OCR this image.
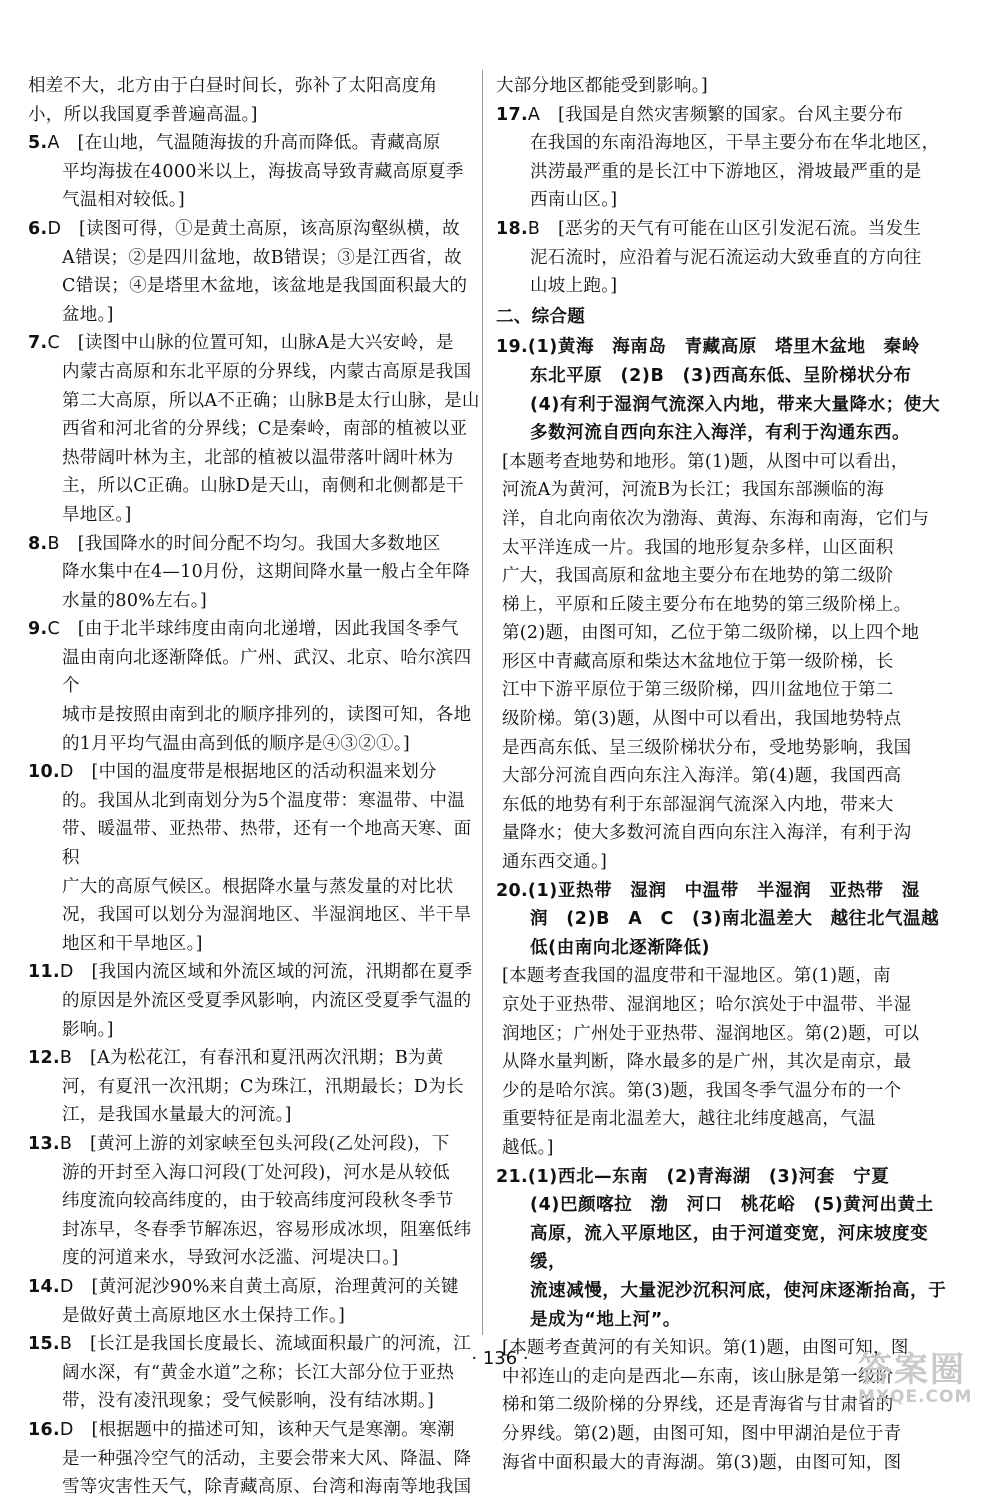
相差不大，北方由于白昼时间长，弥补了太阳高度角
小，所以我国夏季普遍高温。]
5.A　 [在山地，气温随海拔的升高而降低。青藏高原
平均海拔在4000米以上，海拔高导致青藏高原夏季
气温相对较低。]
6.D　 [读图可得，①是黄土高原，该高原沟壑纵横，故
A错误；②是四川盆地，故B错误；③是江西省，故
C错误；④是塔里木盆地，该盆地是我国面积最大的
盆地。]
7.C　 [读图中山脉的位置可知，山脉A是大兴安岭，是
内蒙古高原和东北平原的分界线，内蒙古高原是我国
第二大高原，所以A不正确；山脉B是太行山脉，是山
西省和河北省的分界线；C是秦岭，南部的植被以亚
热带阔叶林为主，北部的植被以温带落叶阔叶林为
主，所以C正确。山脉D是天山，南侧和北侧都是干
旱地区。]
8.B　 [我国降水的时间分配不均匀。我国大多数地区
降水集中在4—10月份，这期间降水量一般占全年降
水量的80%左右。]
9.C　 [由于北半球纬度由南向北递增，因此我国冬季气
温由南向北逐渐降低。广州、武汉、北京、哈尔滨四个
城市是按照由南到北的顺序排列的，读图可知，各地
的1月平均气温由高到低的顺序是④③②①。]
10.D　 [中国的温度带是根据地区的活动积温来划分
的。我国从北到南划分为5个温度带：寒温带、中温
带、暖温带、亚热带、热带，还有一个地高天寒、面积
广大的高原气候区。根据降水量与蒸发量的对比状
况，我国可以划分为湿润地区、半湿润地区、半干旱
地区和干旱地区。]
11.D　 [我国内流区域和外流区域的河流，汛期都在夏季
的原因是外流区受夏季风影响，内流区受夏季气温的
影响。]
12.B　 [A为松花江，有春汛和夏汛两次汛期；B为黄
河，有夏汛一次汛期；C为珠江，汛期最长；D为长
江，是我国水量最大的河流。]
13.B　 [黄河上游的刘家峡至包头河段(乙处河段)，下
游的开封至入海口河段(丁处河段)，河水是从较低
纬度流向较高纬度的，由于较高纬度河段秋冬季节
封冻早，冬春季节解冻迟，容易形成冰坝，阻塞低纬
度的河道来水，导致河水泛滥、河堤决口。]
14.D　 [黄河泥沙90%来自黄土高原，治理黄河的关键
是做好黄土高原地区水土保持工作。]
15.B　 [长江是我国长度最长、流域面积最广的河流，江
阔水深，有“黄金水道”之称；长江大部分位于亚热
带，没有凌汛现象；受气候影响，没有结冰期。]
16.D　 [根据题中的描述可知，该种天气是寒潮。寒潮
是一种强冷空气的活动，主要会带来大风、降温、降
雪等灾害性天气，除青藏高原、台湾和海南等地我国
大部分地区都能受到影响。]
17.A　 [我国是自然灾害频繁的国家。台风主要分布
在我国的东南沿海地区，干旱主要分布在华北地区，
洪涝最严重的是长江中下游地区，滑坡最严重的是
西南山区。]
18.B　 [恶劣的天气有可能在山区引发泥石流。当发生
泥石流时，应沿着与泥石流运动大致垂直的方向往
山坡上跑。]
二、综合题
19.(1)黄海　海南岛　青藏高原　塔里木盆地　秦岭
东北平原　(2)B　(3)西高东低、呈阶梯状分布
(4)有利于湿润气流深入内地，带来大量降水；使大
多数河流自西向东注入海洋，有利于沟通东西。
[本题考查地势和地形。第(1)题，从图中可以看出，
河流A为黄河，河流B为长江；我国东部濒临的海
洋，自北向南依次为渤海、黄海、东海和南海，它们与
太平洋连成一片。我国的地形复杂多样，山区面积
广大，我国高原和盆地主要分布在地势的第二级阶
梯上，平原和丘陵主要分布在地势的第三级阶梯上。
第(2)题，由图可知，乙位于第二级阶梯，以上四个地
形区中青藏高原和柴达木盆地位于第一级阶梯，长
江中下游平原位于第三级阶梯，四川盆地位于第二
级阶梯。第(3)题，从图中可以看出，我国地势特点
是西高东低、呈三级阶梯状分布，受地势影响，我国
大部分河流自西向东注入海洋。第(4)题，我国西高
东低的地势有利于东部湿润气流深入内地，带来大
量降水；使大多数河流自西向东注入海洋，有利于沟
通东西交通。]
20.(1)亚热带　湿润　中温带　半湿润　亚热带　湿
润　(2)B　A　C　(3)南北温差大　越往北气温越
低(由南向北逐渐降低)
[本题考查我国的温度带和干湿地区。第(1)题，南
京处于亚热带、湿润地区；哈尔滨处于中温带、半湿
润地区；广州处于亚热带、湿润地区。第(2)题，可以
从降水量判断，降水最多的是广州，其次是南京，最
少的是哈尔滨。第(3)题，我国冬季气温分布的一个
重要特征是南北温差大，越往北纬度越高，气温
越低。]
21.(1)西北—东南　(2)青海湖　(3)河套　宁夏
(4)巴颜喀拉　渤　河口　桃花峪　(5)黄河出黄土
高原，流入平原地区，由于河道变宽，河床坡度变缓，
流速减慢，大量泥沙沉积河底，使河床逐渐抬高，于
是成为“地上河”。
[本题考查黄河的有关知识。第(1)题，由图可知，图
中祁连山的走向是西北—东南，该山脉是第一级阶
梯和第二级阶梯的分界线，还是青海省与甘肃省的
分界线。第(2)题，由图可知，图中甲湖泊是位于青
海省中面积最大的青海湖。第(3)题，由图可知，图
· 136 ·	答案圈
MXQE.COM
